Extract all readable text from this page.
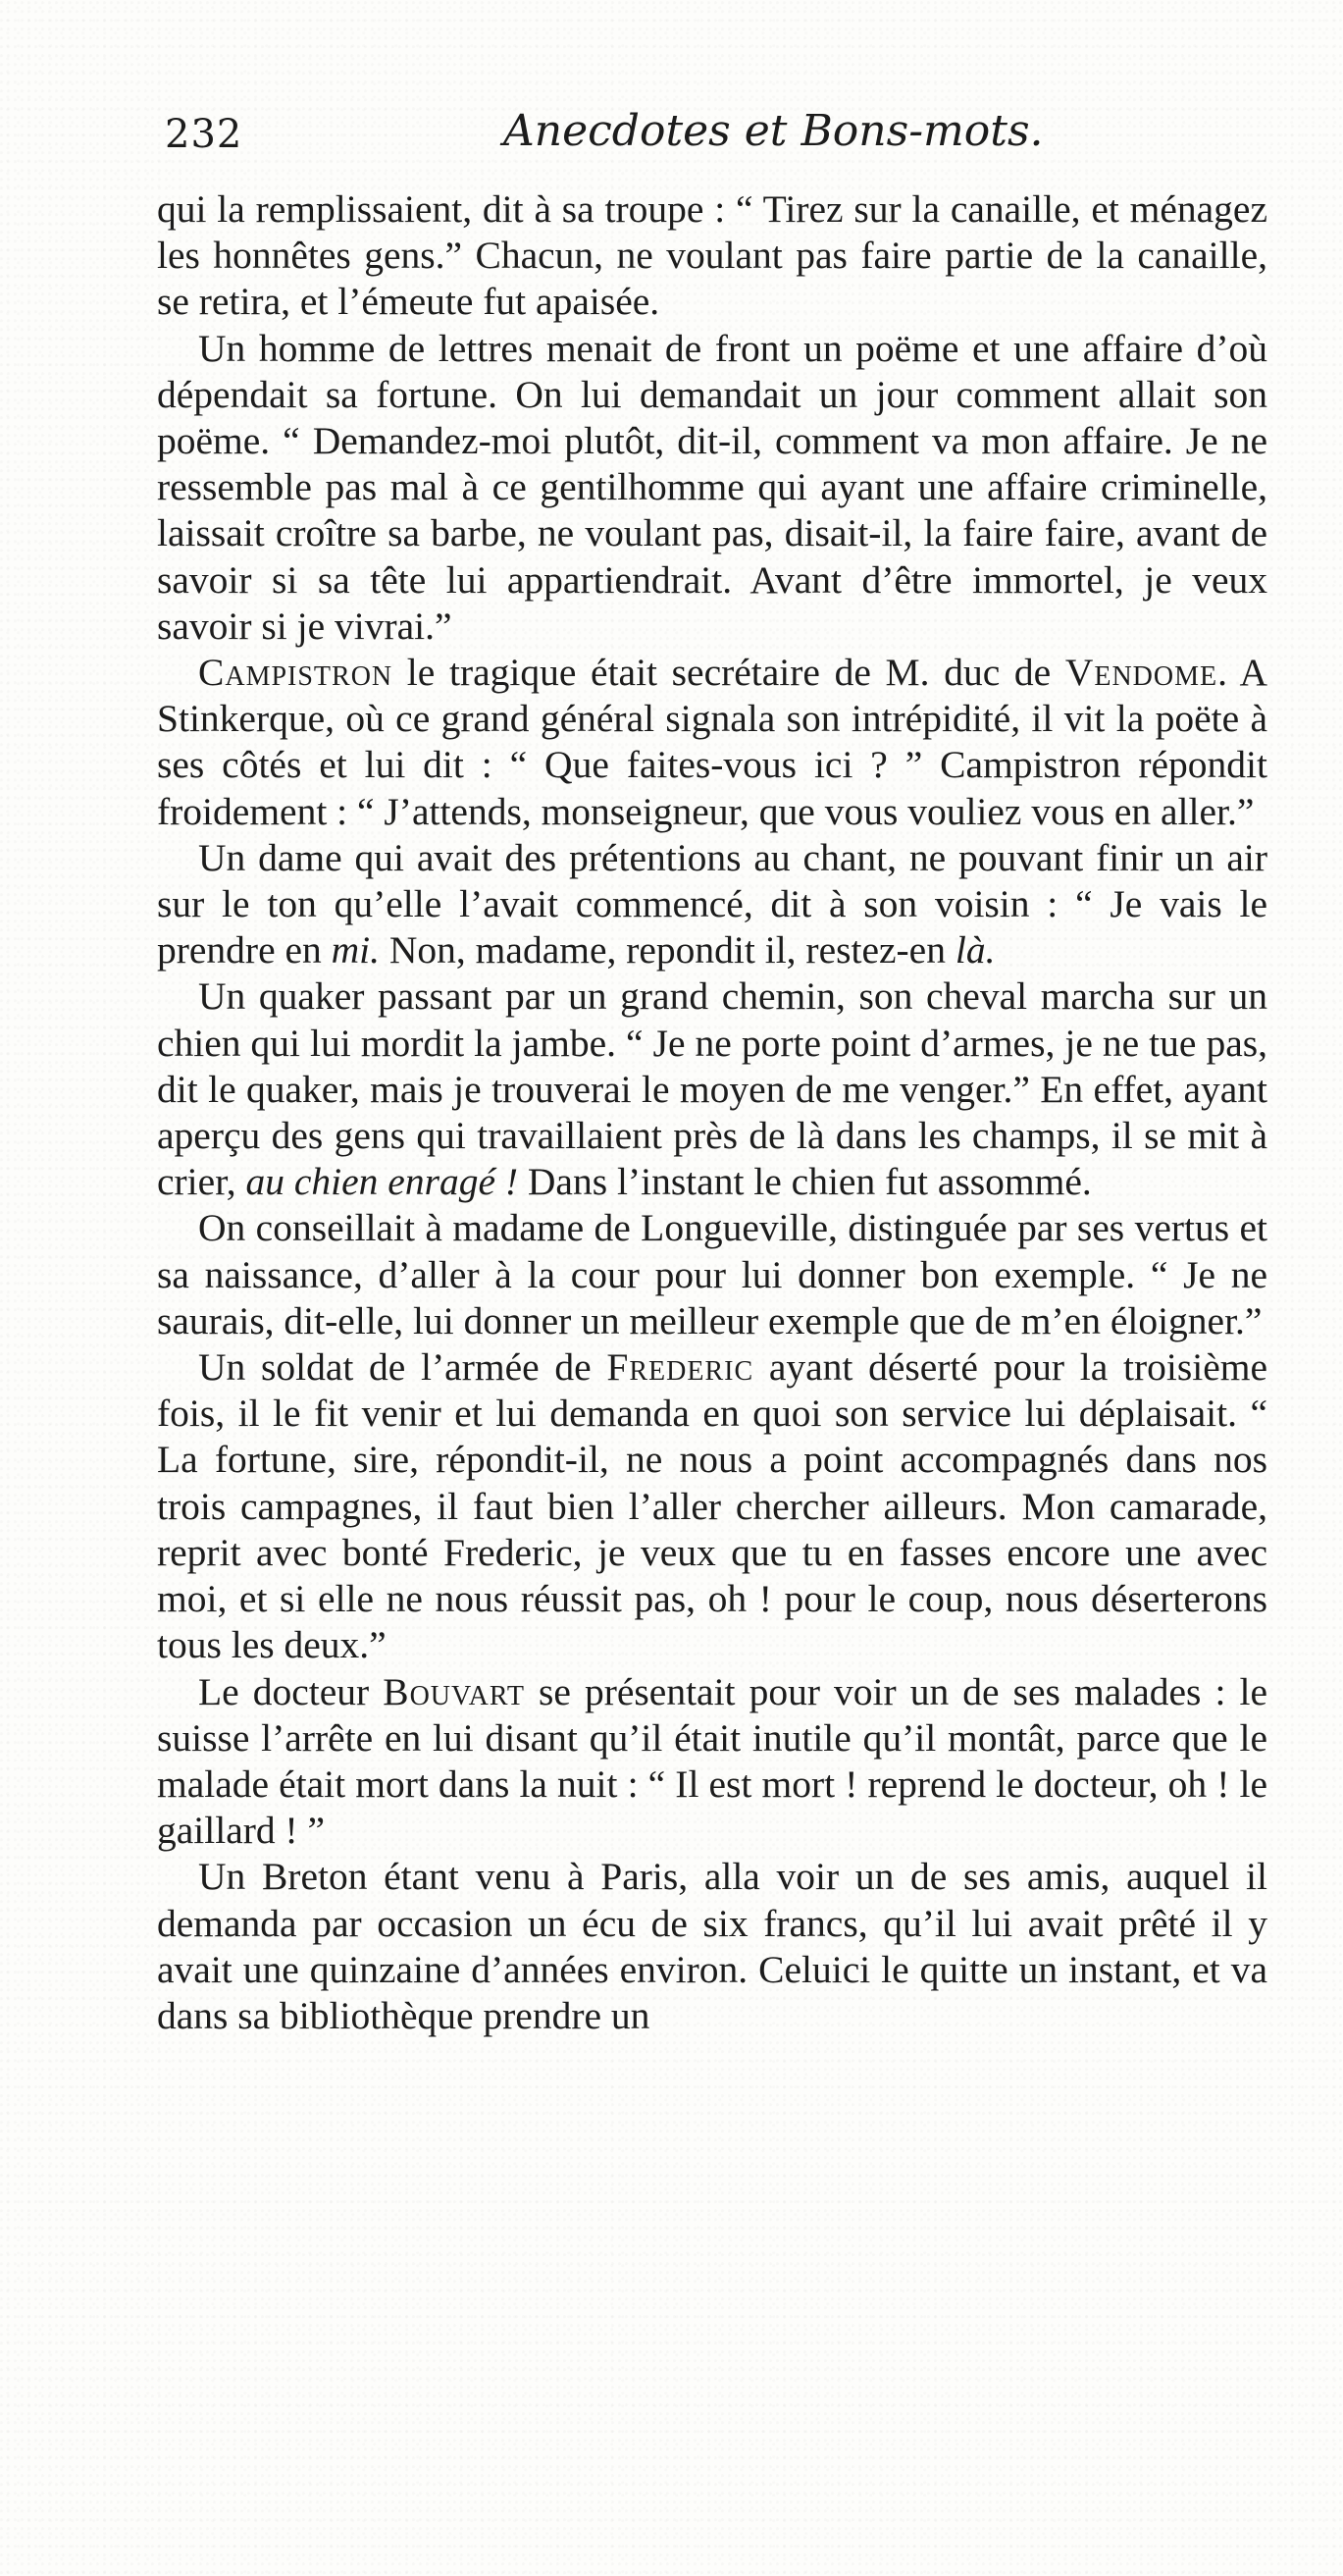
232	Anecdotes et Bons-mots.

qui la remplissaient, dit à sa troupe : “ Tirez sur la canaille, et ménagez les honnêtes gens.” Chacun, ne voulant pas faire partie de la canaille, se retira, et l’émeute fut apaisée.

Un homme de lettres menait de front un poëme et une affaire d’où dépendait sa fortune. On lui demandait un jour comment allait son poëme. “ Demandez-moi plutôt, dit-il, comment va mon affaire. Je ne ressemble pas mal à ce gentilhomme qui ayant une affaire criminelle, laissait croître sa barbe, ne voulant pas, disait-il, la faire faire, avant de savoir si sa tête lui appartiendrait. Avant d’être immortel, je veux savoir si je vivrai.”

Campistron le tragique était secrétaire de M. duc de Vendome. A Stinkerque, où ce grand général signala son intrépidité, il vit la poëte à ses côtés et lui dit : “ Que faites-vous ici ? ” Campistron répondit froidement : “ J’attends, monseigneur, que vous vouliez vous en aller.”

Un dame qui avait des prétentions au chant, ne pouvant finir un air sur le ton qu’elle l’avait commencé, dit à son voisin : “ Je vais le prendre en mi. Non, madame, repondit il, restez-en là.

Un quaker passant par un grand chemin, son cheval marcha sur un chien qui lui mordit la jambe. “ Je ne porte point d’armes, je ne tue pas, dit le quaker, mais je trouverai le moyen de me venger.” En effet, ayant aperçu des gens qui travaillaient près de là dans les champs, il se mit à crier, au chien enragé ! Dans l’instant le chien fut assommé.

On conseillait à madame de Longueville, distinguée par ses vertus et sa naissance, d’aller à la cour pour lui donner bon exemple. “ Je ne saurais, dit-elle, lui donner un meilleur exemple que de m’en éloigner.”

Un soldat de l’armée de Frederic ayant déserté pour la troisième fois, il le fit venir et lui demanda en quoi son service lui déplaisait. “ La fortune, sire, répondit-il, ne nous a point accompagnés dans nos trois campagnes, il faut bien l’aller chercher ailleurs. Mon camarade, reprit avec bonté Frederic, je veux que tu en fasses encore une avec moi, et si elle ne nous réussit pas, oh ! pour le coup, nous déserterons tous les deux.”

Le docteur Bouvart se présentait pour voir un de ses malades : le suisse l’arrête en lui disant qu’il était inutile qu’il montât, parce que le malade était mort dans la nuit : “ Il est mort ! reprend le docteur, oh ! le gaillard ! ”

Un Breton étant venu à Paris, alla voir un de ses amis, auquel il demanda par occasion un écu de six francs, qu’il lui avait prêté il y avait une quinzaine d’années environ. Celuici le quitte un instant, et va dans sa bibliothèque prendre un
